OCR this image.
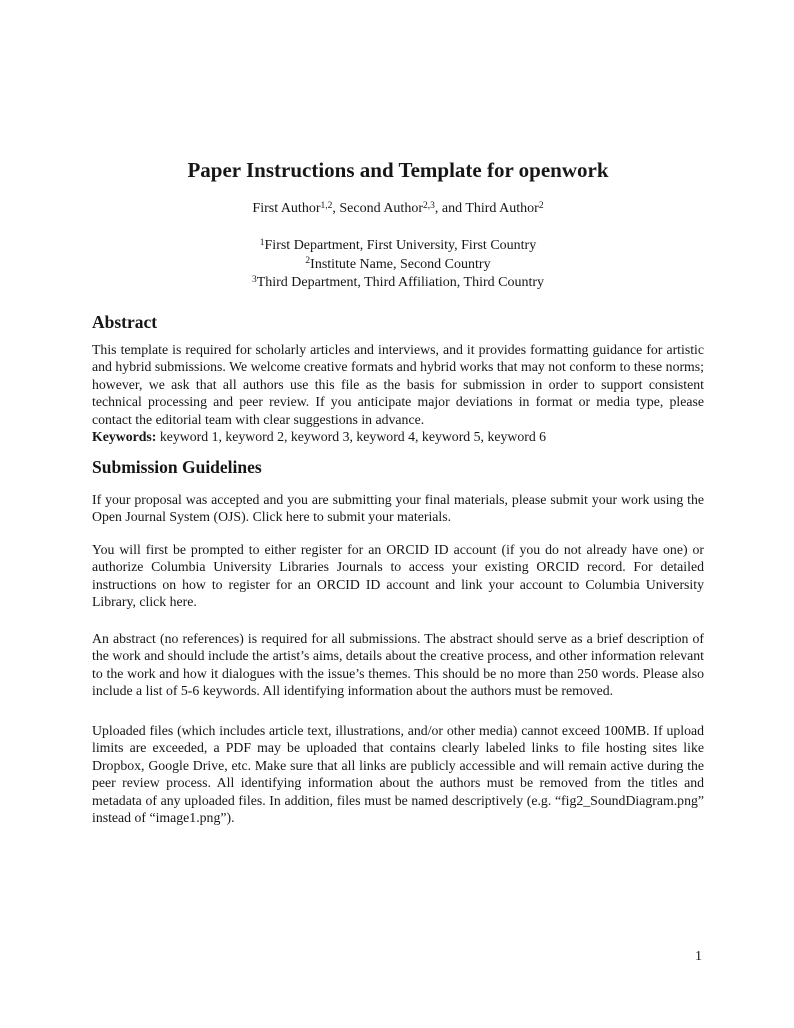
Paper Instructions and Template for openwork

First Author$^{1,2}$, Second Author$^{2,3}$, and Third Author$^2$

$^1$First Department, First University, First Country
$^2$Institute Name, Second Country
$^3$Third Department, Third Affiliation, Third Country

Abstract

This template is required for scholarly articles and interviews, and it provides formatting guidance for artistic and hybrid submissions. We welcome creative formats and hybrid works that may not conform to these norms; however, we ask that all authors use this file as the basis for submission in order to support consistent technical processing and peer review. If you anticipate major deviations in format or media type, please contact the editorial team with clear suggestions in advance.
Keywords: keyword 1, keyword 2, keyword 3, keyword 4, keyword 5, keyword 6

Submission Guidelines

If your proposal was accepted and you are submitting your final materials, please submit your work using the Open Journal System (OJS). Click here to submit your materials.

You will first be prompted to either register for an ORCID ID account (if you do not already have one) or authorize Columbia University Libraries Journals to access your existing ORCID record. For detailed instructions on how to register for an ORCID ID account and link your account to Columbia University Library, click here.

An abstract (no references) is required for all submissions. The abstract should serve as a brief description of the work and should include the artist’s aims, details about the creative process, and other information relevant to the work and how it dialogues with the issue’s themes. This should be no more than 250 words. Please also include a list of 5-6 keywords. All identifying information about the authors must be removed.

Uploaded files (which includes article text, illustrations, and/or other media) cannot exceed 100MB. If upload limits are exceeded, a PDF may be uploaded that contains clearly labeled links to file hosting sites like Dropbox, Google Drive, etc. Make sure that all links are publicly accessible and will remain active during the peer review process. All identifying information about the authors must be removed from the titles and metadata of any uploaded files. In addition, files must be named descriptively (e.g. “fig2_SoundDiagram.png” instead of “image1.png”).

1
